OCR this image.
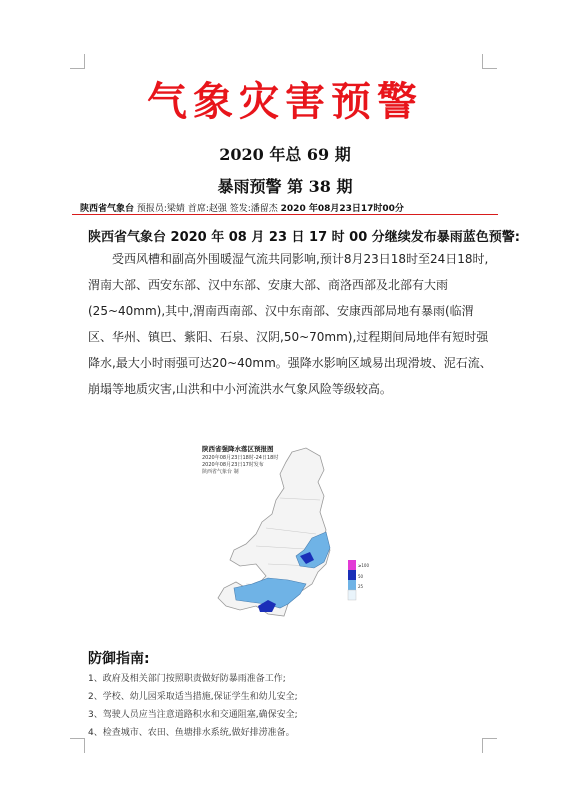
气象灾害预警
2020 年总 69 期
暴雨预警 第 38 期
陕西省气象台 预报员:梁婧 首席:赵强 签发:潘留杰 2020 年08月23日17时00分
陕西省气象台 2020 年 08 月 23 日 17 时 00 分继续发布暴雨蓝色预警:

受西风槽和副高外围暖湿气流共同影响,预计8月23日18时至24日18时,渭南大部、西安东部、汉中东部、安康大部、商洛西部及北部有大雨(25~40mm),其中,渭南西南部、汉中东南部、安康西部局地有暴雨(临渭区、华州、镇巴、紫阳、石泉、汉阴,50~70mm),过程期间局地伴有短时强降水,最大小时雨强可达20~40mm。强降水影响区域易出现滑坡、泥石流、崩塌等地质灾害,山洪和中小河流洪水气象风险等级较高。

陕西省强降水落区预报图
2020年08月23日18时-24日18时
2020年08月23日17时发布
陕西省气象台 制
≥100
50
25
防御指南:
1、政府及相关部门按照职责做好防暴雨准备工作;
2、学校、幼儿园采取适当措施,保证学生和幼儿安全;
3、驾驶人员应当注意道路积水和交通阻塞,确保安全;
4、检查城市、农田、鱼塘排水系统,做好排涝准备。
